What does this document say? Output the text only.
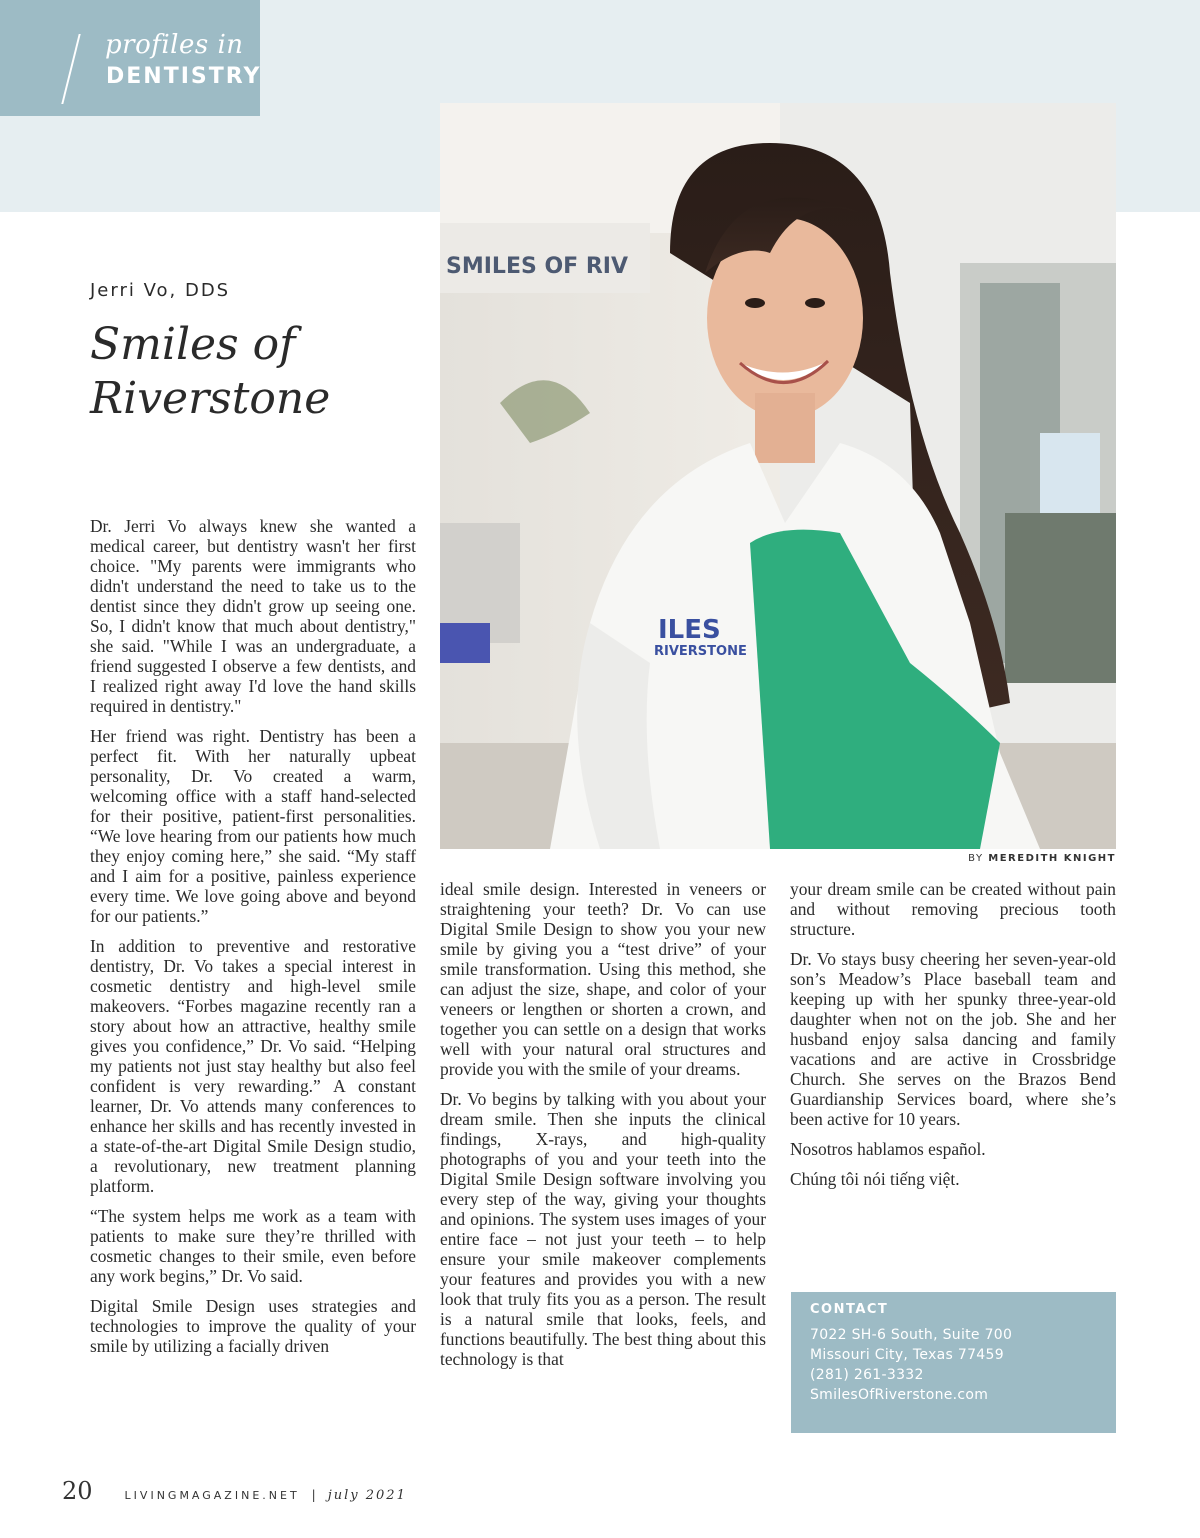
profiles in
DENTISTRY
SMILES OF RIV
ILES
RIVERSTONE
BY MEREDITH KNIGHT
Jerri Vo, DDS
Smiles of Riverstone

Dr. Jerri Vo always knew she wanted a medical career, but dentistry wasn't her first choice. "My parents were immigrants who didn't understand the need to take us to the dentist since they didn't grow up seeing one. So, I didn't know that much about dentistry," she said. "While I was an undergraduate, a friend suggested I observe a few dentists, and I realized right away I'd love the hand skills required in dentistry."

Her friend was right. Dentistry has been a perfect fit. With her naturally upbeat personality, Dr. Vo created a warm, welcoming office with a staff hand-selected for their positive, patient-first personalities. “We love hearing from our patients how much they enjoy coming here,” she said. “My staff and I aim for a positive, painless experience every time. We love going above and beyond for our patients.”

In addition to preventive and restorative dentistry, Dr. Vo takes a special interest in cosmetic dentistry and high-level smile makeovers. “Forbes magazine recently ran a story about how an attractive, healthy smile gives you confidence,” Dr. Vo said. “Helping my patients not just stay healthy but also feel confident is very rewarding.” A constant learner, Dr. Vo attends many conferences to enhance her skills and has recently invested in a state-of-the-art Digital Smile Design studio, a revolutionary, new treatment planning platform.

“The system helps me work as a team with patients to make sure they’re thrilled with cosmetic changes to their smile, even before any work begins,” Dr. Vo said.

Digital Smile Design uses strategies and technologies to improve the quality of your smile by utilizing a facially driven

ideal smile design. Interested in veneers or straightening your teeth? Dr. Vo can use Digital Smile Design to show you your new smile by giving you a “test drive” of your smile transformation. Using this method, she can adjust the size, shape, and color of your veneers or lengthen or shorten a crown, and together you can settle on a design that works well with your natural oral structures and provide you with the smile of your dreams.

Dr. Vo begins by talking with you about your dream smile. Then she inputs the clinical findings, X-rays, and high-quality photographs of you and your teeth into the Digital Smile Design software involving you every step of the way, giving your thoughts and opinions. The system uses images of your entire face – not just your teeth – to help ensure your smile makeover complements your features and provides you with a new look that truly fits you as a person. The result is a natural smile that looks, feels, and functions beautifully. The best thing about this technology is that

your dream smile can be created without pain and without removing precious tooth structure.

Dr. Vo stays busy cheering her seven-year-old son’s Meadow’s Place baseball team and keeping up with her spunky three-year-old daughter when not on the job. She and her husband enjoy salsa dancing and family vacations and are active in Crossbridge Church. She serves on the Brazos Bend Guardianship Services board, where she’s been active for 10 years.

Nosotros hablamos español.

Chúng tôi nói tiếng việt.

CONTACT
7022 SH-6 South, Suite 700
Missouri City, Texas 77459
(281) 261-3332
SmilesOfRiverstone.com
20	LIVINGMAGAZINE.NET | july 2021
